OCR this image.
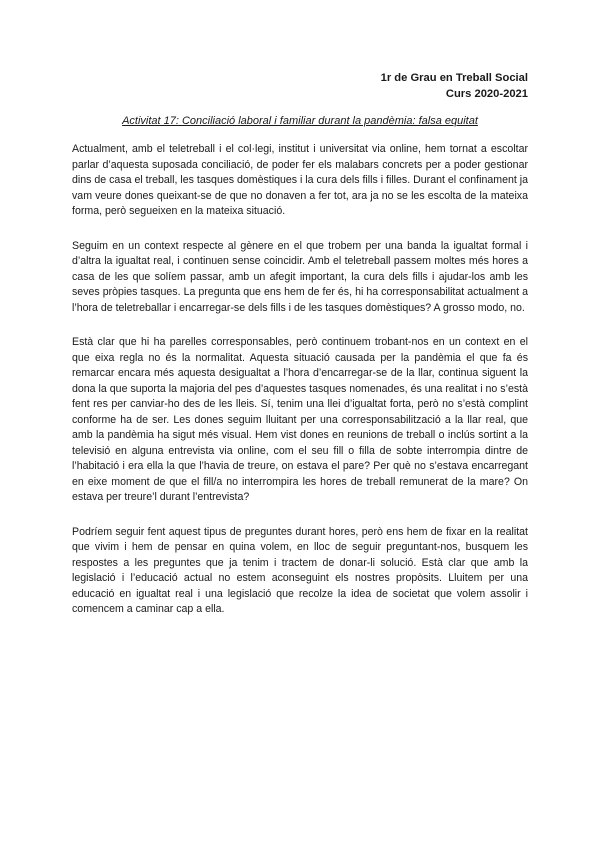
1r de Grau en Treball Social
Curs 2020-2021
Activitat 17: Conciliació laboral i familiar durant la pandèmia: falsa equitat

Actualment, amb el teletreball i el col·legi, institut i universitat via online, hem tornat a escoltar parlar d’aquesta suposada conciliació, de poder fer els malabars concrets per a poder gestionar dins de casa el treball, les tasques domèstiques i la cura dels fills i filles. Durant el confinament ja vam veure dones queixant-se de que no donaven a fer tot, ara ja no se les escolta de la mateixa forma, però segueixen en la mateixa situació.

Seguim en un context respecte al gènere en el que trobem per una banda la igualtat formal i d’altra la igualtat real, i continuen sense coincidir. Amb el teletreball passem moltes més hores a casa de les que solíem passar, amb un afegit important, la cura dels fills i ajudar-los amb les seves pròpies tasques. La pregunta que ens hem de fer és, hi ha corresponsabilitat actualment a l’hora de teletreballar i encarregar-se dels fills i de les tasques domèstiques? A grosso modo, no.

Està clar que hi ha parelles corresponsables, però continuem trobant-nos en un context en el que eixa regla no és la normalitat. Aquesta situació causada per la pandèmia el que fa és remarcar encara més aquesta desigualtat a l’hora d’encarregar-se de la llar, continua siguent la dona la que suporta la majoria del pes d’aquestes tasques nomenades, és una realitat i no s’està fent res per canviar-ho des de les lleis. Sí, tenim una llei d’igualtat forta, però no s’està complint conforme ha de ser. Les dones seguim lluitant per una corresponsabilització a la llar real, que amb la pandèmia ha sigut més visual. Hem vist dones en reunions de treball o inclús sortint a la televisió en alguna entrevista via online, com el seu fill o filla de sobte interrompia dintre de l’habitació i era ella la que l’havia de treure, on estava el pare? Per què no s’estava encarregant en eixe moment de que el fill/a no interrompira les hores de treball remunerat de la mare? On estava per treure’l durant l’entrevista?

Podríem seguir fent aquest tipus de preguntes durant hores, però ens hem de fixar en la realitat que vivim i hem de pensar en quina volem, en lloc de seguir preguntant-nos, busquem les respostes a les preguntes que ja tenim i tractem de donar-li solució. Està clar que amb la legislació i l’educació actual no estem aconseguint els nostres propòsits. Lluitem per una educació en igualtat real i una legislació que recolze la idea de societat que volem assolir i comencem a caminar cap a ella.
